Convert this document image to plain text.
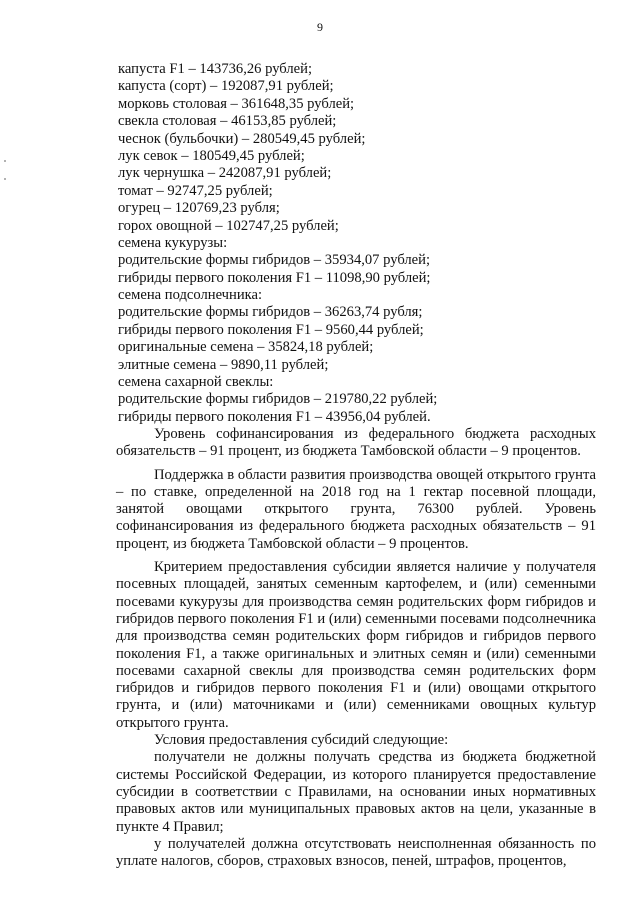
9
капуста F1 – 143736,26 рублей;
капуста (сорт) – 192087,91 рублей;
морковь столовая – 361648,35 рублей;
свекла столовая – 46153,85 рублей;
чеснок (бульбочки) – 280549,45 рублей;
лук севок – 180549,45 рублей;
лук чернушка – 242087,91 рублей;
томат – 92747,25 рублей;
огурец – 120769,23 рубля;
горох овощной – 102747,25 рублей;
семена кукурузы:
родительские формы гибридов – 35934,07 рублей;
гибриды первого поколения F1 – 11098,90 рублей;
семена подсолнечника:
родительские формы гибридов – 36263,74 рубля;
гибриды первого поколения F1 – 9560,44 рублей;
оригинальные семена – 35824,18 рублей;
элитные семена – 9890,11 рублей;
семена сахарной свеклы:
родительские формы гибридов – 219780,22 рублей;
гибриды первого поколения F1 – 43956,04 рублей.

Уровень софинансирования из федерального бюджета расходных обязательств – 91 процент, из бюджета Тамбовской области – 9 процентов.

Поддержка в области развития производства овощей открытого грунта – по ставке, определенной на 2018 год на 1 гектар посевной площади, занятой овощами открытого грунта, 76300 рублей. Уровень софинансирования из федерального бюджета расходных обязательств – 91 процент, из бюджета Тамбовской области – 9 процентов.

Критерием предоставления субсидии является наличие у получателя посевных площадей, занятых семенным картофелем, и (или) семенными посевами кукурузы для производства семян родительских форм гибридов и гибридов первого поколения F1 и (или) семенными посевами подсолнечника для производства семян родительских форм гибридов и гибридов первого поколения F1, а также оригинальных и элитных семян и (или) семенными посевами сахарной свеклы для производства семян родительских форм гибридов и гибридов первого поколения F1 и (или) овощами открытого грунта, и (или) маточниками и (или) семенниками овощных культур открытого грунта.

Условия предоставления субсидий следующие:

получатели не должны получать средства из бюджета бюджетной системы Российской Федерации, из которого планируется предоставление субсидии в соответствии с Правилами, на основании иных нормативных правовых актов или муниципальных правовых актов на цели, указанные в пункте 4 Правил;

у получателей должна отсутствовать неисполненная обязанность по уплате налогов, сборов, страховых взносов, пеней, штрафов, процентов,
